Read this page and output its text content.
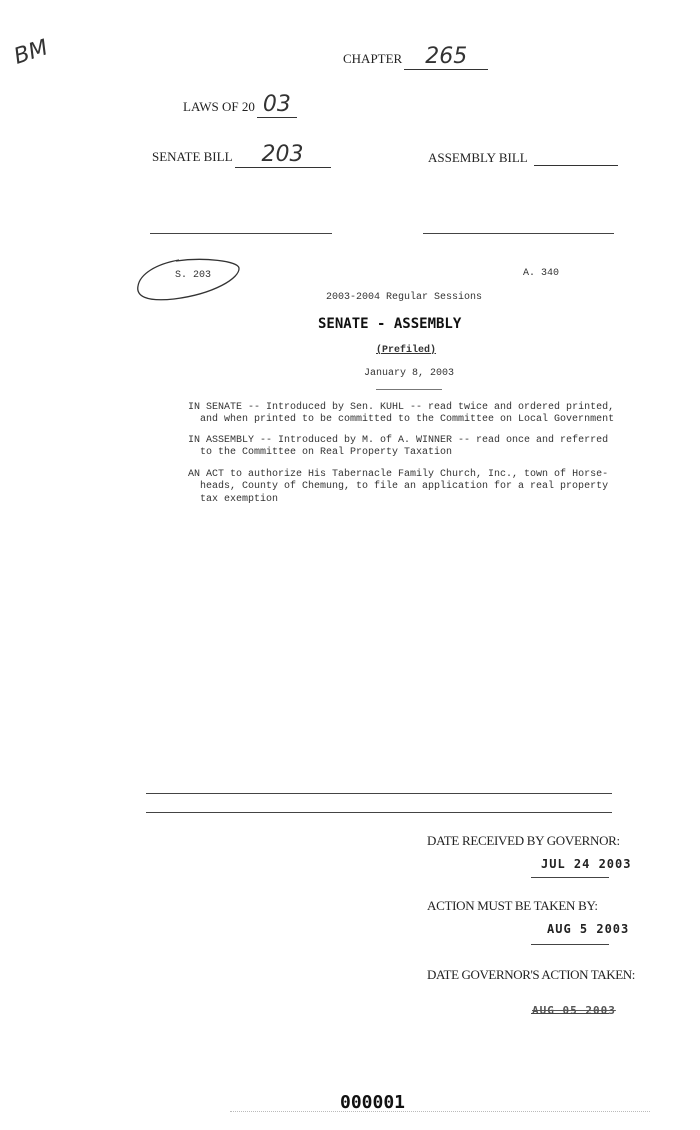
BM	CHAPTER 265
LAWS OF 20 03
SENATE BILL 203	ASSEMBLY BILL
S. 203	A. 340
2003-2004 Regular Sessions
SENATE - ASSEMBLY
(Prefiled)
January 8, 2003
IN SENATE -- Introduced by Sen. KUHL -- read twice and ordered printed,
and when printed to be committed to the Committee on Local Government
IN ASSEMBLY -- Introduced by M. of A. WINNER -- read once and referred
to the Committee on Real Property Taxation
AN ACT to authorize His Tabernacle Family Church, Inc., town of Horse-
heads, County of Chemung, to file an application for a real property
tax exemption
DATE RECEIVED BY GOVERNOR:
JUL 24 2003
ACTION MUST BE TAKEN BY:
AUG 5 2003
DATE GOVERNOR'S ACTION TAKEN:
AUG 05 2003
000001
